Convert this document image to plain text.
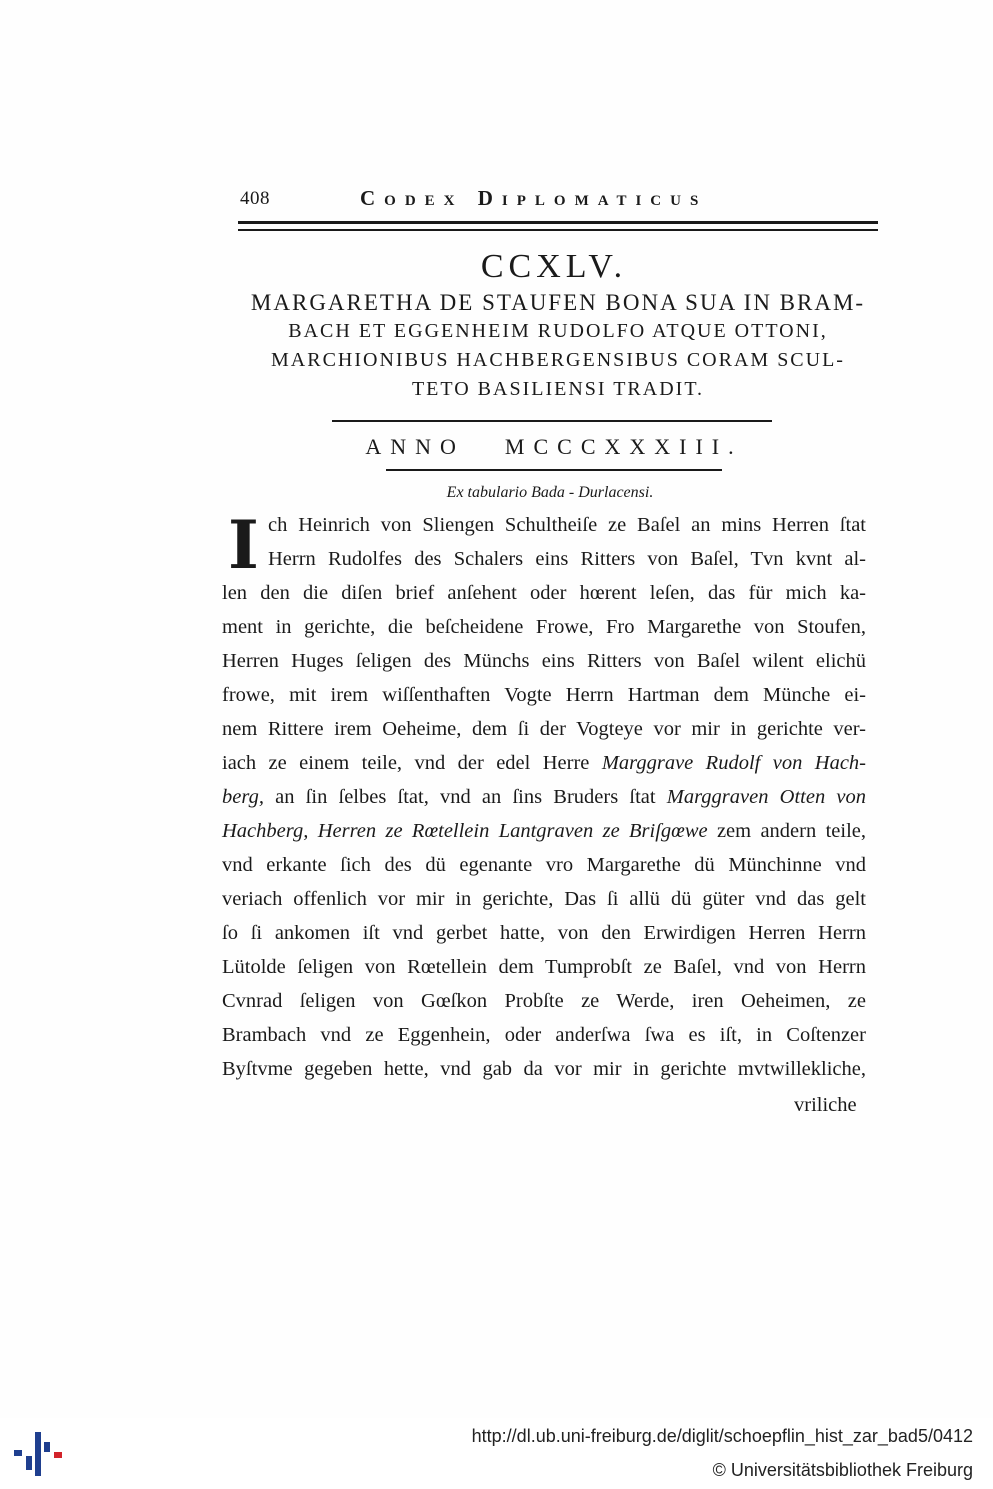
408	Codex Diplomaticus
CCXLV.
MARGARETHA DE STAUFEN BONA SUA IN BRAM-
BACH ET EGGENHEIM RUDOLFO ATQUE OTTONI,
MARCHIONIBUS HACHBERGENSIBUS CORAM SCUL-
TETO BASILIENSI TRADIT.
ANNO MCCCXXXIII.
Ex tabulario Bada - Durlacensi.
I ch Heinrich von Sliengen Schultheiſe ze Baſel an mins Herren ſtat
Herrn Rudolfes des Schalers eins Ritters von Baſel, Tvn kvnt al-
len den die diſen brief anſehent oder hœrent leſen, das für mich ka-
ment in gerichte, die beſcheidene Frowe, Fro Margarethe von Stoufen,
Herren Huges ſeligen des Münchs eins Ritters von Baſel wilent elichü
frowe, mit irem wiſſenthaften Vogte Herrn Hartman dem Münche ei-
nem Rittere irem Oeheime, dem ſi der Vogteye vor mir in gerichte ver-
iach ze einem teile, vnd der edel Herre Marggrave Rudolf von Hach-
berg, an ſin ſelbes ſtat, vnd an ſins Bruders ſtat Marggraven Otten von
Hachberg, Herren ze Rœtellein Lantgraven ze Briſgœwe zem andern teile,
vnd erkante ſich des dü egenante vro Margarethe dü Münchinne vnd
veriach offenlich vor mir in gerichte, Das ſi allü dü güter vnd das gelt
ſo ſi ankomen iſt vnd gerbet hatte, von den Erwirdigen Herren Herrn
Lütolde ſeligen von Rœtellein dem Tumprobſt ze Baſel, vnd von Herrn
Cvnrad ſeligen von Gœſkon Probſte ze Werde, iren Oeheimen, ze
Brambach vnd ze Eggenhein, oder anderſwa ſwa es iſt, in Coſtenzer
Byſtvme gegeben hette, vnd gab da vor mir in gerichte mvtwillekliche,
vriliche
http://dl.ub.uni-freiburg.de/diglit/schoepflin_hist_zar_bad5/0412
© Universitätsbibliothek Freiburg
